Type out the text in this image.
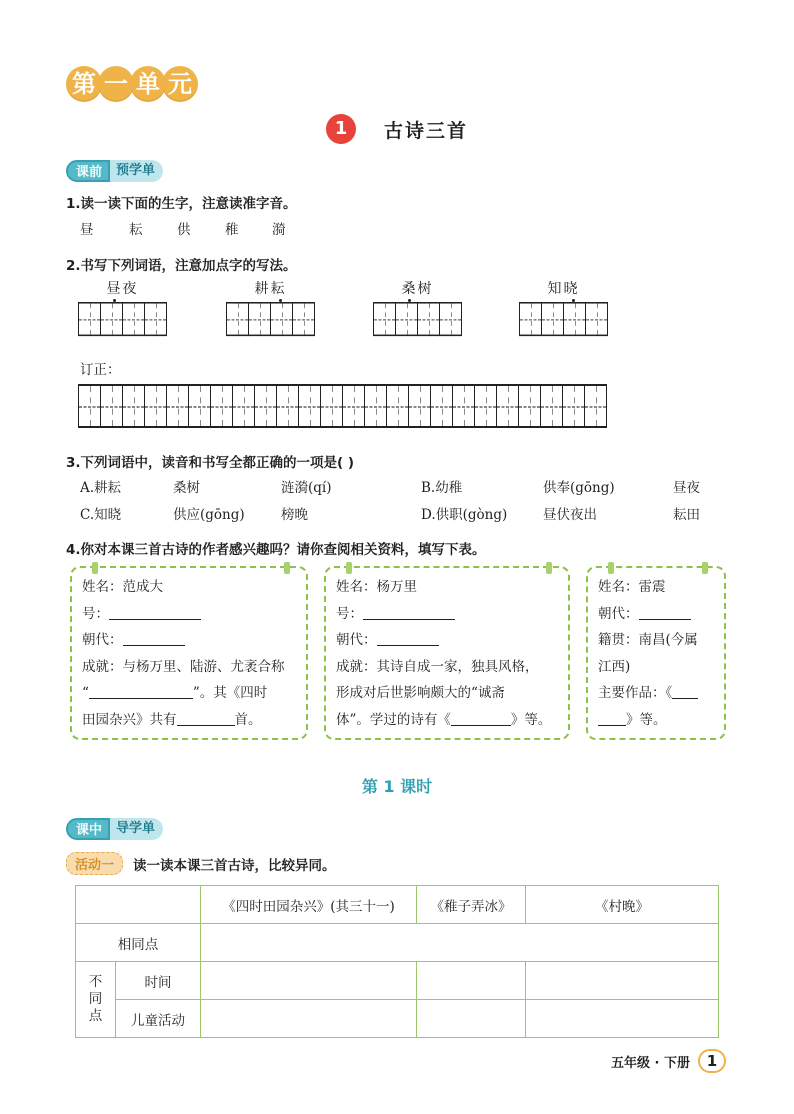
第 一 单 元
1	古诗三首
课前	预学单
1.读一读下面的生字，注意读准字音。
昼	耘	供	稚	漪
2.书写下列词语，注意加点字的写法。
昼夜	耕耘	桑树	知晓
订正：
3.下列词语中，读音和书写全都正确的一项是( )
A.耕耘	桑树	涟漪(qí)	B.幼稚	供奉(gōng)	昼夜
C.知晓	供应(gōng)	榜晚	D.供职(gòng)	昼伏夜出	耘田
4.你对本课三首古诗的作者感兴趣吗？请你查阅相关资料，填写下表。
姓名：范成大
号：
朝代：
成就：与杨万里、陆游、尤袤合称
“	”。其《四时
田园杂兴》共有	首。
姓名：杨万里
号：
朝代：
成就：其诗自成一家，独具风格，
形成对后世影响颇大的“诚斋
体”。学过的诗有《	》等。
姓名：雷震
朝代：
籍贯：南昌(今属
江西)
主要作品：《
》等。
第 1 课时
课中	导学单
活动一	读一读本课三首古诗，比较异同。
		《四时田园杂兴》(其三十一)	《稚子弄冰》	《村晚》
相同点				

不同点	时间			
	儿童活动			
五年级 · 下册	1
